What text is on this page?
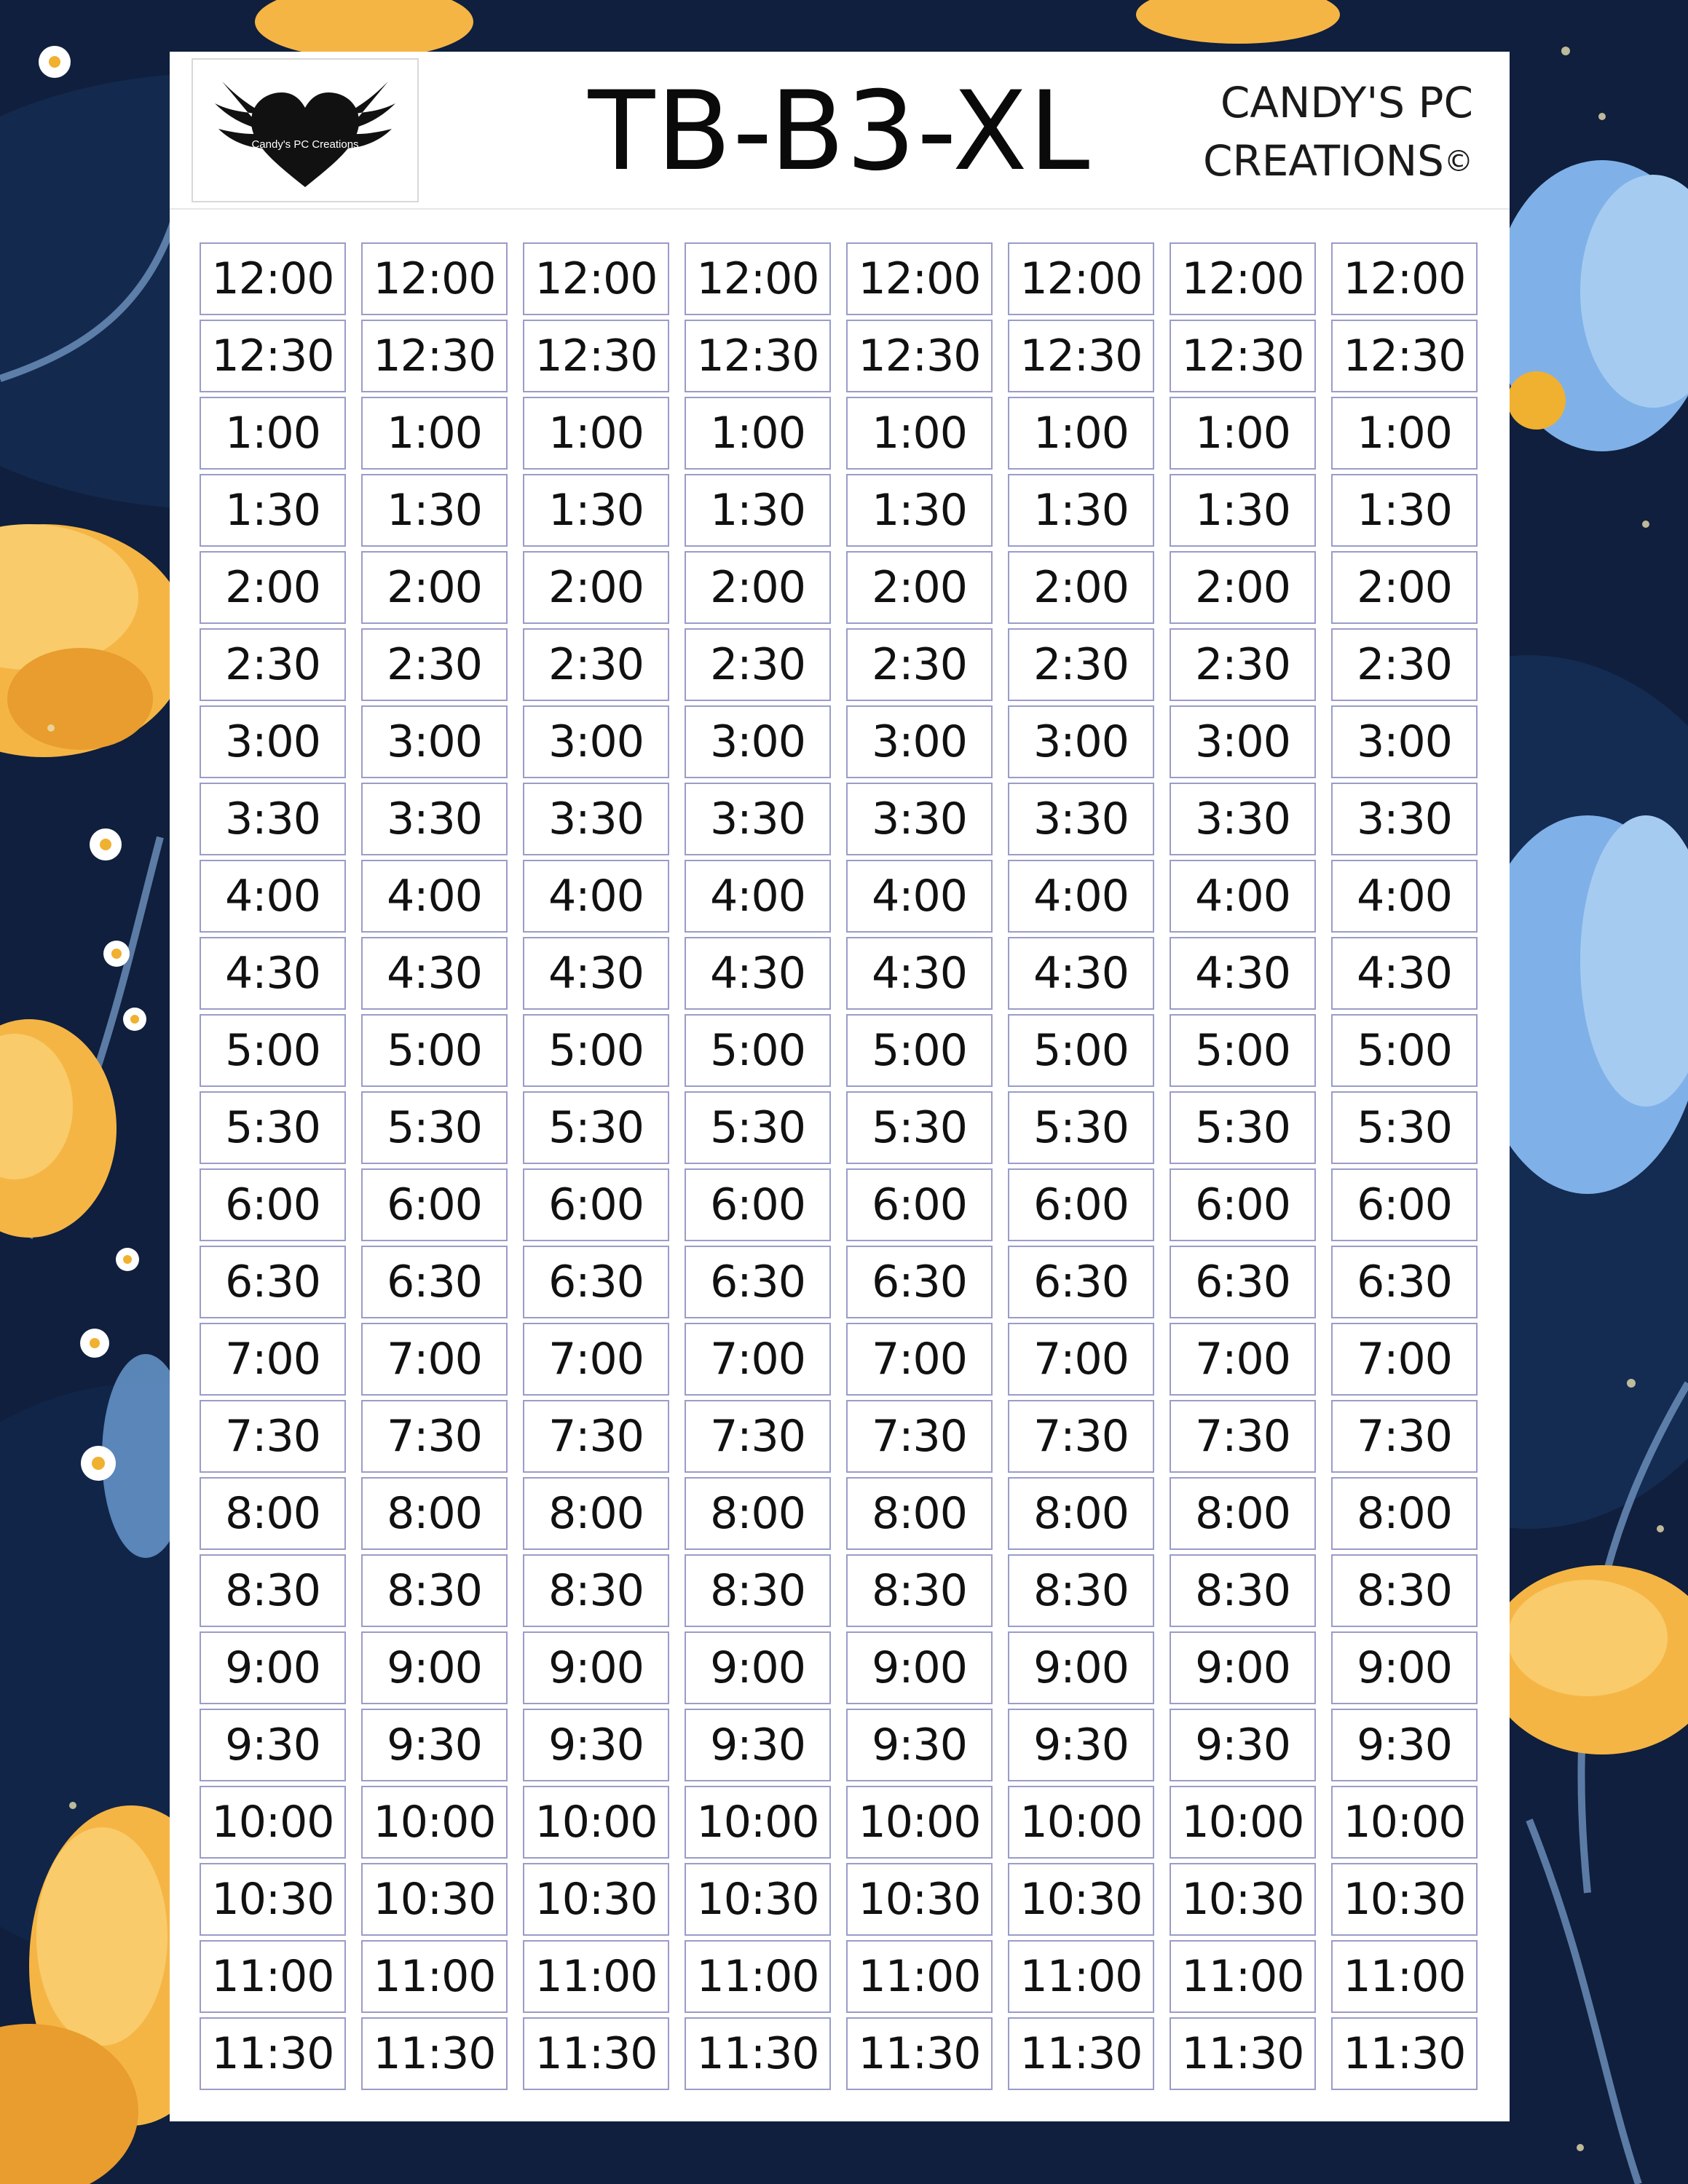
Candy's PC Creations	TB-B3-XL	CANDY'S PC
CREATIONS©
12:00 12:00 12:00 12:00 12:00 12:00 12:00 12:00
12:30 12:30 12:30 12:30 12:30 12:30 12:30 12:30
1:00	1:00	1:00	1:00	1:00	1:00	1:00	1:00
1:30	1:30	1:30	1:30	1:30	1:30	1:30	1:30
2:00	2:00	2:00	2:00	2:00	2:00	2:00	2:00
2:30	2:30	2:30	2:30	2:30	2:30	2:30	2:30
3:00	3:00	3:00	3:00	3:00	3:00	3:00	3:00
3:30	3:30	3:30	3:30	3:30	3:30	3:30	3:30
4:00	4:00	4:00	4:00	4:00	4:00	4:00	4:00
4:30	4:30	4:30	4:30	4:30	4:30	4:30	4:30
5:00	5:00	5:00	5:00	5:00	5:00	5:00	5:00
5:30	5:30	5:30	5:30	5:30	5:30	5:30	5:30
6:00	6:00	6:00	6:00	6:00	6:00	6:00	6:00
6:30	6:30	6:30	6:30	6:30	6:30	6:30	6:30
7:00	7:00	7:00	7:00	7:00	7:00	7:00	7:00
7:30	7:30	7:30	7:30	7:30	7:30	7:30	7:30
8:00	8:00	8:00	8:00	8:00	8:00	8:00	8:00
8:30	8:30	8:30	8:30	8:30	8:30	8:30	8:30
9:00	9:00	9:00	9:00	9:00	9:00	9:00	9:00
9:30	9:30	9:30	9:30	9:30	9:30	9:30	9:30
10:00 10:00 10:00 10:00 10:00 10:00 10:00 10:00
10:30 10:30 10:30 10:30 10:30 10:30 10:30 10:30
11:00 11:00 11:00 11:00 11:00 11:00 11:00 11:00
11:30 11:30 11:30 11:30 11:30 11:30 11:30 11:30
